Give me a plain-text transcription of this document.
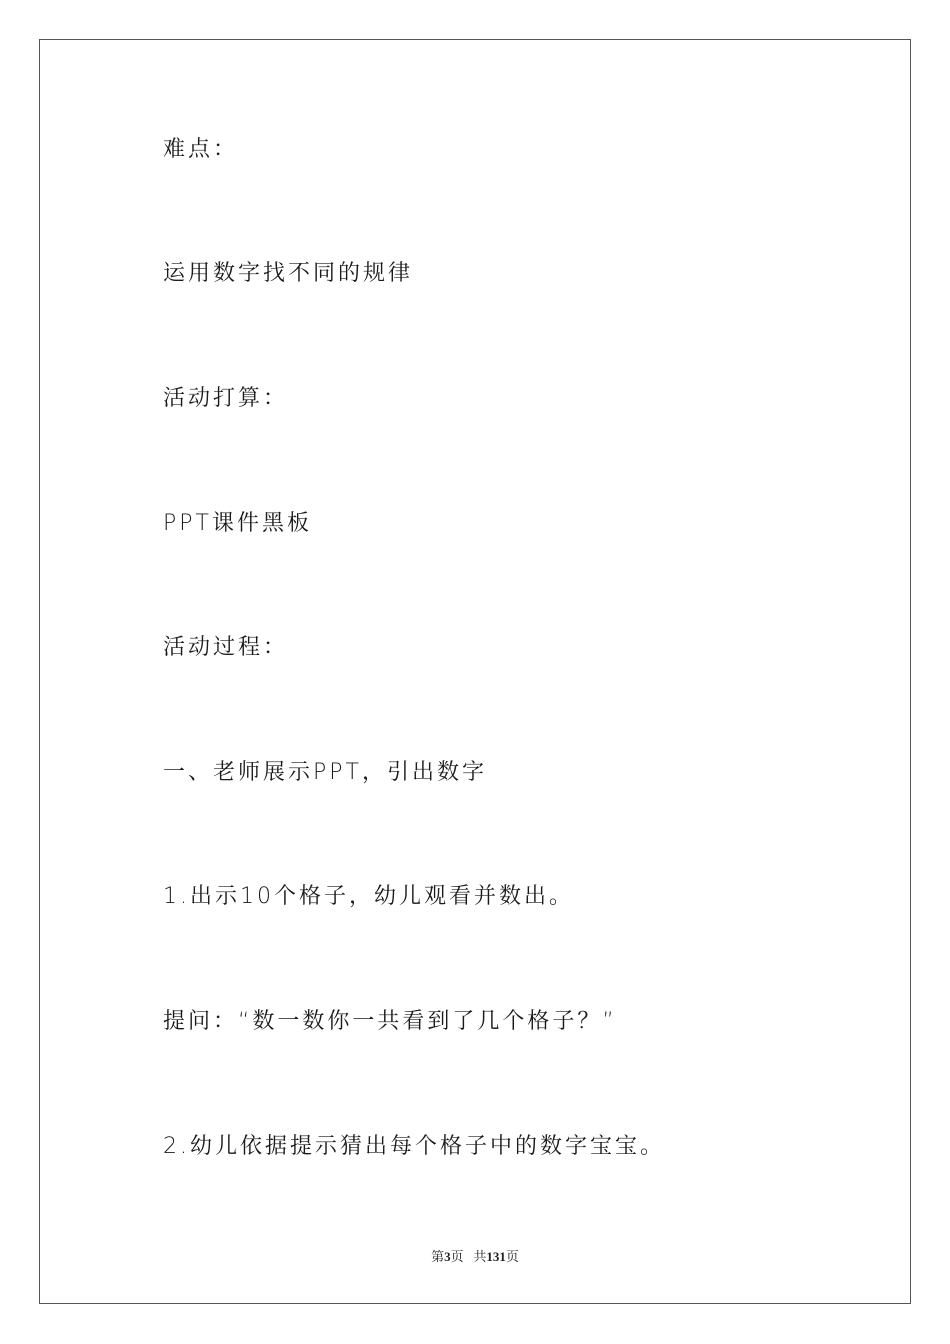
难点：
运用数字找不同的规律
活动打算：
PPT课件黑板
活动过程：
一、老师展示PPT，引出数字
1.出示10个格子，幼儿观看并数出。
提问：“数一数你一共看到了几个格子？”
2.幼儿依据提示猜出每个格子中的数字宝宝。
第3页 共131页
